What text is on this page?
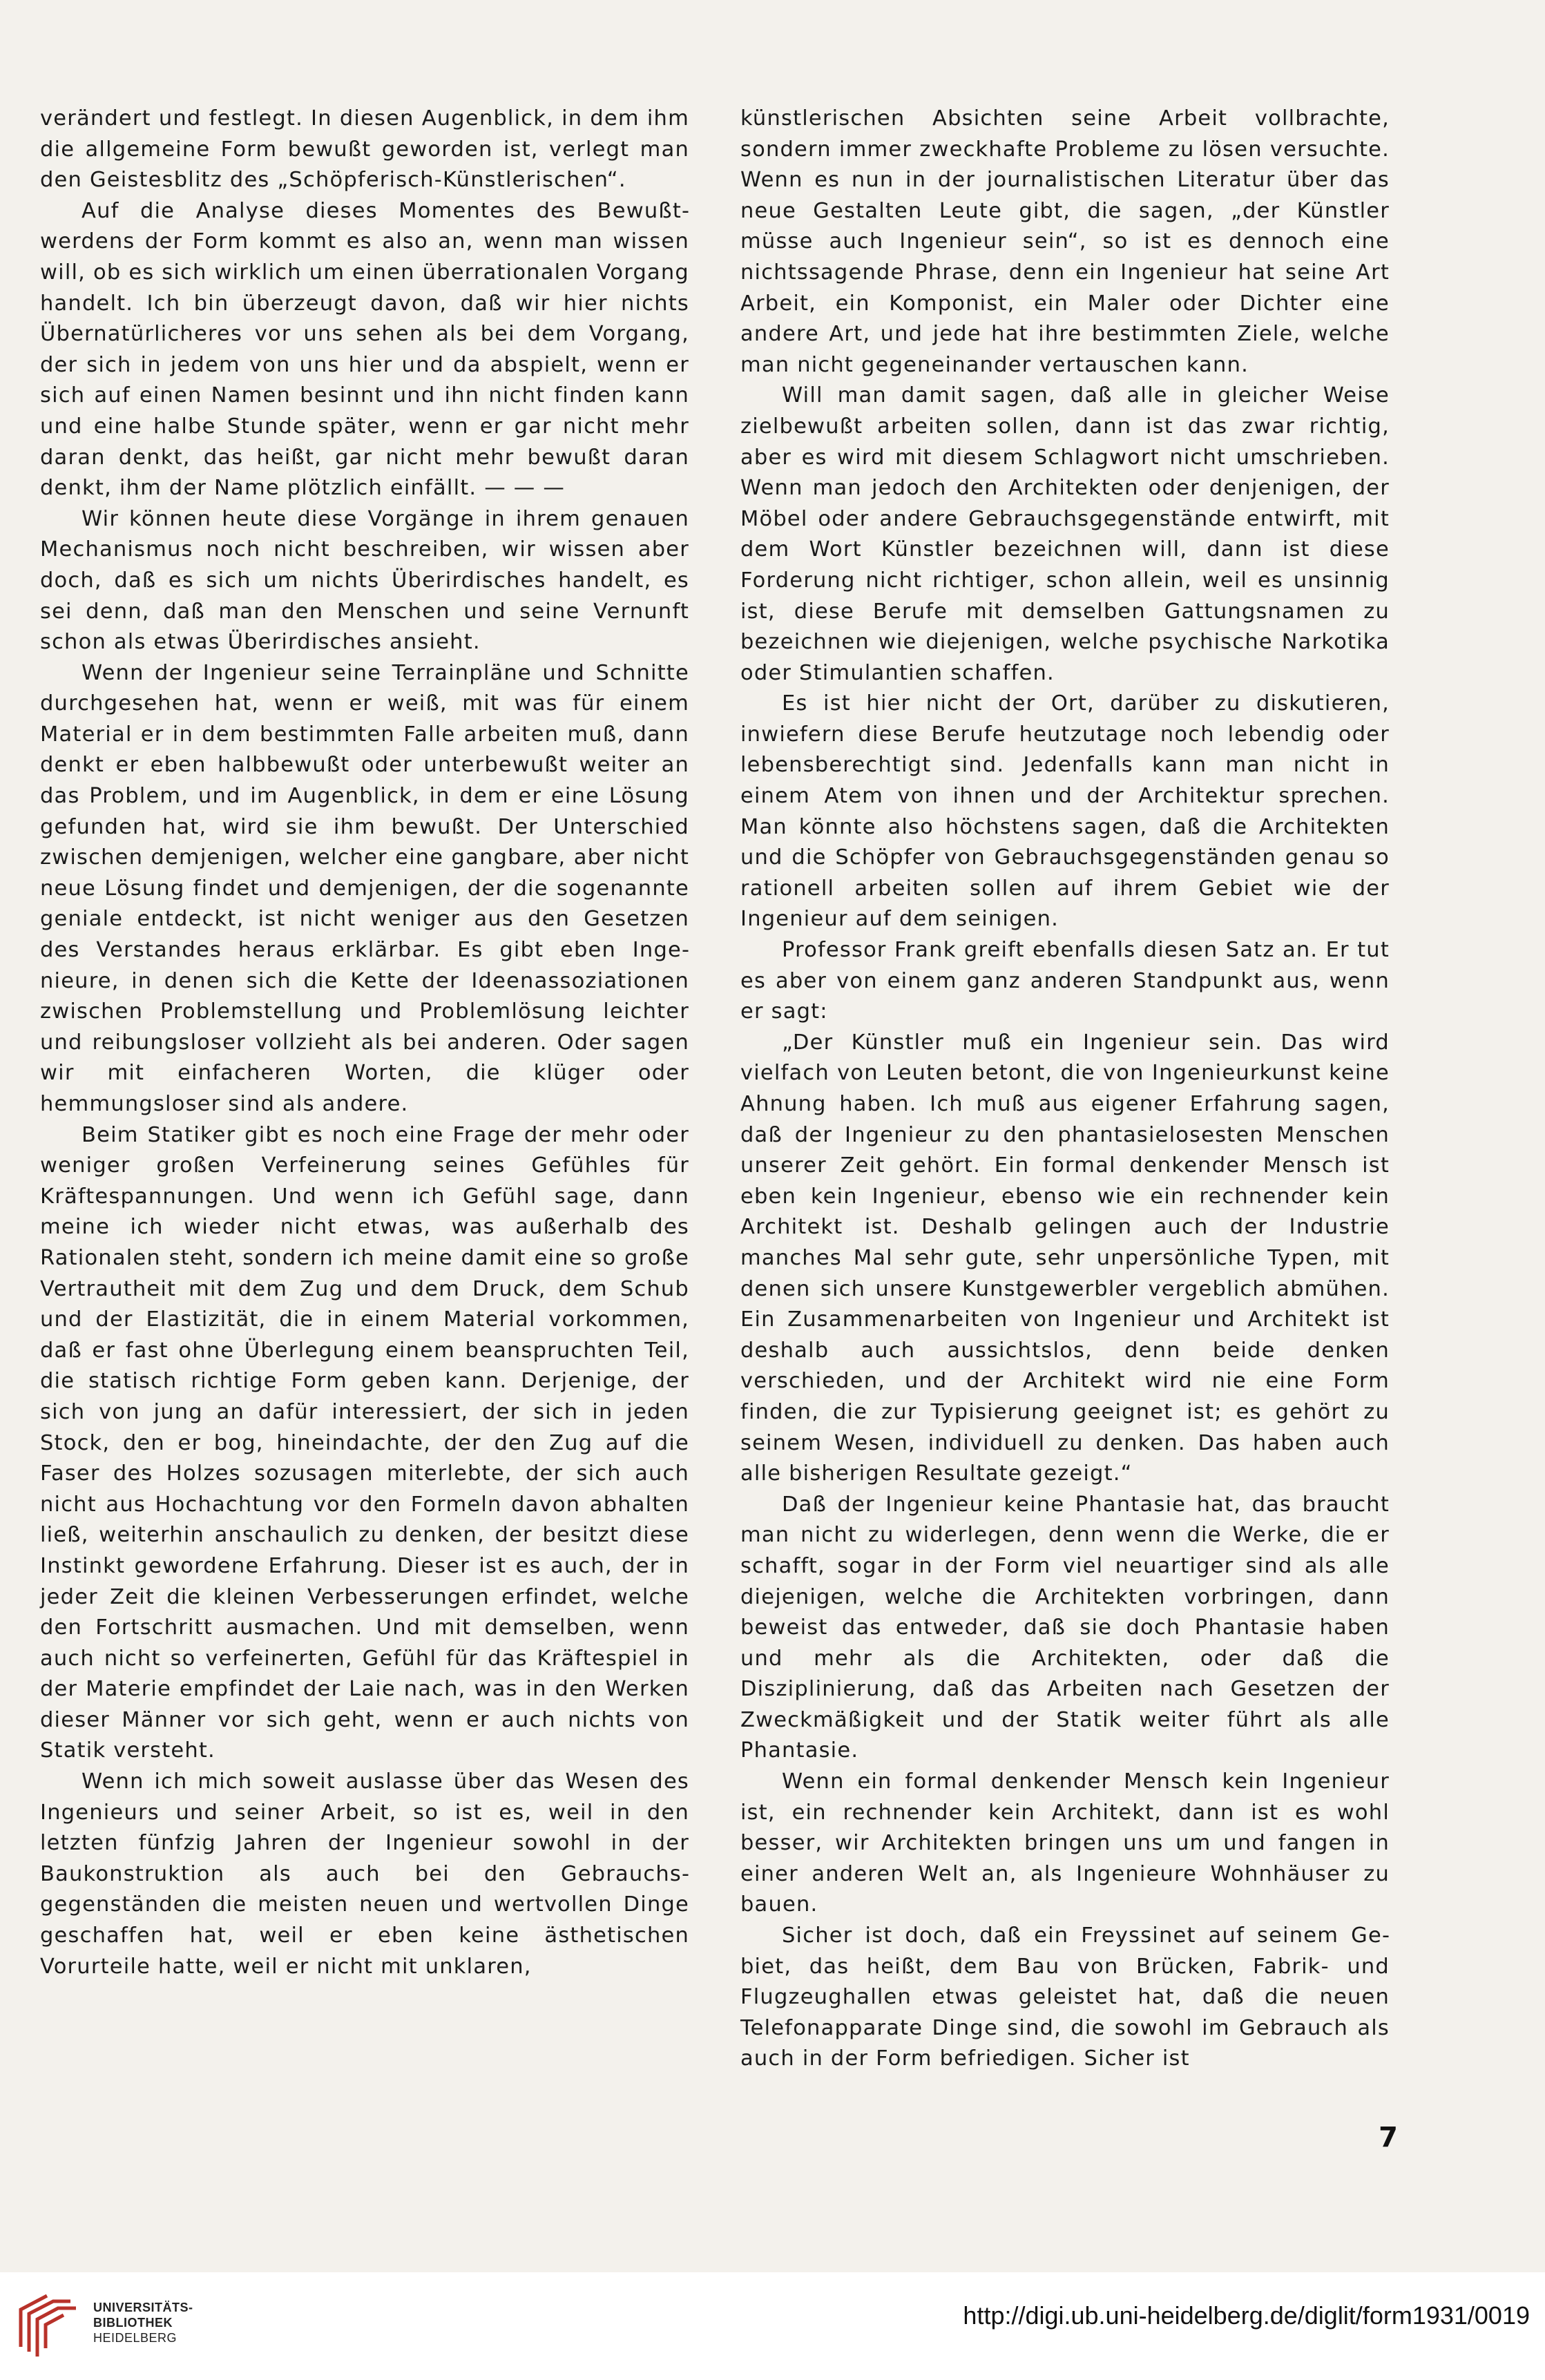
verändert und festlegt. In diesen Augenblick, in dem ihm die allgemeine Form bewußt geworden ist, verlegt man den Geistesblitz des „Schöpferisch-Künstlerischen“.

Auf die Analyse dieses Momentes des Bewußtwerdens der Form kommt es also an, wenn man wissen will, ob es sich wirklich um einen überrationalen Vorgang handelt. Ich bin überzeugt davon, daß wir hier nichts Übernatürlicheres vor uns sehen als bei dem Vorgang, der sich in jedem von uns hier und da abspielt, wenn er sich auf einen Namen besinnt und ihn nicht finden kann und eine halbe Stunde später, wenn er gar nicht mehr daran denkt, das heißt, gar nicht mehr bewußt daran denkt, ihm der Name plötzlich einfällt. — — —

Wir können heute diese Vorgänge in ihrem genauen Mechanismus noch nicht beschreiben, wir wissen aber doch, daß es sich um nichts Überirdisches handelt, es sei denn, daß man den Menschen und seine Vernunft schon als etwas Überirdisches ansieht.

Wenn der Ingenieur seine Terrainpläne und Schnitte durchgesehen hat, wenn er weiß, mit was für einem Material er in dem bestimmten Falle arbeiten muß, dann denkt er eben halbbewußt oder unterbewußt weiter an das Problem, und im Augenblick, in dem er eine Lösung gefunden hat, wird sie ihm bewußt. Der Unterschied zwischen demjenigen, welcher eine gangbare, aber nicht neue Lösung findet und demjenigen, der die sogenannte geniale entdeckt, ist nicht weniger aus den Gesetzen des Verstandes heraus erklärbar. Es gibt eben Ingenieure, in denen sich die Kette der Ideenassoziationen zwischen Problemstellung und Problemlösung leichter und reibungsloser vollzieht als bei anderen. Oder sagen wir mit einfacheren Worten, die klüger oder hemmungsloser sind als andere.

Beim Statiker gibt es noch eine Frage der mehr oder weniger großen Verfeinerung seines Gefühles für Kräftespannungen. Und wenn ich Gefühl sage, dann meine ich wieder nicht etwas, was außerhalb des Rationalen steht, sondern ich meine damit eine so große Vertrautheit mit dem Zug und dem Druck, dem Schub und der Elastizität, die in einem Material vorkommen, daß er fast ohne Überlegung einem beanspruchten Teil, die statisch richtige Form geben kann. Derjenige, der sich von jung an dafür interessiert, der sich in jeden Stock, den er bog, hineindachte, der den Zug auf die Faser des Holzes sozusagen miterlebte, der sich auch nicht aus Hochachtung vor den Formeln davon abhalten ließ, weiterhin anschaulich zu denken, der besitzt diese Instinkt gewordene Erfahrung. Dieser ist es auch, der in jeder Zeit die kleinen Verbesserungen erfindet, welche den Fortschritt ausmachen. Und mit demselben, wenn auch nicht so verfeinerten, Gefühl für das Kräftespiel in der Materie empfindet der Laie nach, was in den Werken dieser Männer vor sich geht, wenn er auch nichts von Statik versteht.

Wenn ich mich soweit auslasse über das Wesen des Ingenieurs und seiner Arbeit, so ist es, weil in den letzten fünfzig Jahren der Ingenieur sowohl in der Baukonstruktion als auch bei den Gebrauchsgegenständen die meisten neuen und wertvollen Dinge geschaffen hat, weil er eben keine ästhetischen Vorurteile hatte, weil er nicht mit unklaren,

künstlerischen Absichten seine Arbeit vollbrachte, sondern immer zweckhafte Probleme zu lösen versuchte. Wenn es nun in der journalistischen Literatur über das neue Gestalten Leute gibt, die sagen, „der Künstler müsse auch Ingenieur sein“, so ist es dennoch eine nichtssagende Phrase, denn ein Ingenieur hat seine Art Arbeit, ein Komponist, ein Maler oder Dichter eine andere Art, und jede hat ihre bestimmten Ziele, welche man nicht gegeneinander vertauschen kann.

Will man damit sagen, daß alle in gleicher Weise zielbewußt arbeiten sollen, dann ist das zwar richtig, aber es wird mit diesem Schlagwort nicht umschrieben. Wenn man jedoch den Architekten oder denjenigen, der Möbel oder andere Gebrauchsgegenstände entwirft, mit dem Wort Künstler bezeichnen will, dann ist diese Forderung nicht richtiger, schon allein, weil es unsinnig ist, diese Berufe mit demselben Gattungsnamen zu bezeichnen wie diejenigen, welche psychische Narkotika oder Stimulantien schaffen.

Es ist hier nicht der Ort, darüber zu diskutieren, inwiefern diese Berufe heutzutage noch lebendig oder lebensberechtigt sind. Jedenfalls kann man nicht in einem Atem von ihnen und der Architektur sprechen. Man könnte also höchstens sagen, daß die Architekten und die Schöpfer von Gebrauchsgegenständen genau so rationell arbeiten sollen auf ihrem Gebiet wie der Ingenieur auf dem seinigen.

Professor Frank greift ebenfalls diesen Satz an. Er tut es aber von einem ganz anderen Standpunkt aus, wenn er sagt:

„Der Künstler muß ein Ingenieur sein. Das wird vielfach von Leuten betont, die von Ingenieurkunst keine Ahnung haben. Ich muß aus eigener Erfahrung sagen, daß der Ingenieur zu den phantasielosesten Menschen unserer Zeit gehört. Ein formal denkender Mensch ist eben kein Ingenieur, ebenso wie ein rechnender kein Architekt ist. Deshalb gelingen auch der Industrie manches Mal sehr gute, sehr unpersönliche Typen, mit denen sich unsere Kunstgewerbler vergeblich abmühen. Ein Zusammenarbeiten von Ingenieur und Architekt ist deshalb auch aussichtslos, denn beide denken verschieden, und der Architekt wird nie eine Form finden, die zur Typisierung geeignet ist; es gehört zu seinem Wesen, individuell zu denken. Das haben auch alle bisherigen Resultate gezeigt.“

Daß der Ingenieur keine Phantasie hat, das braucht man nicht zu widerlegen, denn wenn die Werke, die er schafft, sogar in der Form viel neuartiger sind als alle diejenigen, welche die Architekten vorbringen, dann beweist das entweder, daß sie doch Phantasie haben und mehr als die Architekten, oder daß die Disziplinierung, daß das Arbeiten nach Gesetzen der Zweckmäßigkeit und der Statik weiter führt als alle Phantasie.

Wenn ein formal denkender Mensch kein Ingenieur ist, ein rechnender kein Architekt, dann ist es wohl besser, wir Architekten bringen uns um und fangen in einer anderen Welt an, als Ingenieure Wohnhäuser zu bauen.

Sicher ist doch, daß ein Freyssinet auf seinem Gebiet, das heißt, dem Bau von Brücken, Fabrik- und Flugzeughallen etwas geleistet hat, daß die neuen Telefonapparate Dinge sind, die sowohl im Gebrauch als auch in der Form befriedigen. Sicher ist

7
UNIVERSITÄTS-
BIBLIOTHEK
HEIDELBERG
http://digi.ub.uni-heidelberg.de/diglit/form1931/0019
